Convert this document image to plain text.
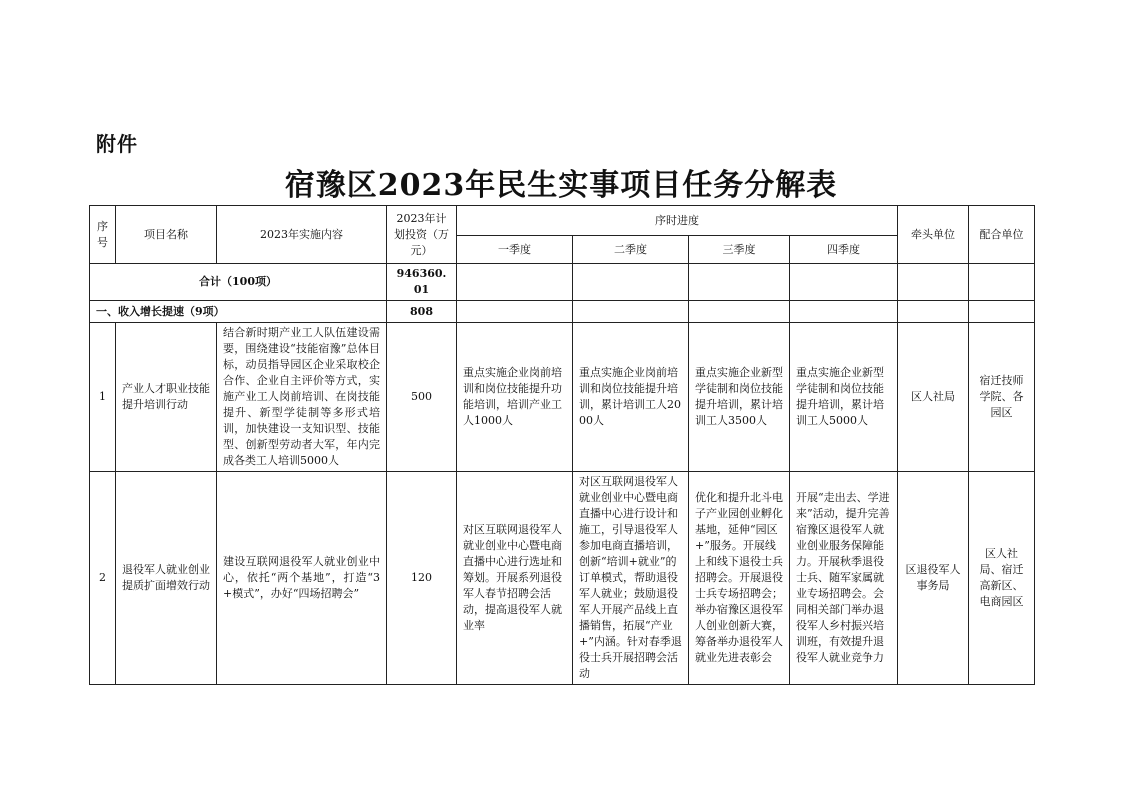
附件
宿豫区2023年民生实事项目任务分解表
序号	项目名称	2023年实施内容	2023年计划投资（万元）	序时进度				牵头单位	配合单位
				一季度	二季度	三季度	四季度		
合计（100项）			946360.01						
一、收入增长提速（9项）			808						
1	产业人才职业技能提升培训行动	结合新时期产业工人队伍建设需要，围绕建设“技能宿豫”总体目标，动员指导园区企业采取校企合作、企业自主评价等方式，实施产业工人岗前培训、在岗技能提升、新型学徒制等多形式培训，加快建设一支知识型、技能型、创新型劳动者大军，年内完成各类工人培训5000人	500	重点实施企业岗前培训和岗位技能提升功能培训，培训产业工人1000人	重点实施企业岗前培训和岗位技能提升培训，累计培训工人2000人	重点实施企业新型学徒制和岗位技能提升培训，累计培训工人3500人	重点实施企业新型学徒制和岗位技能提升培训，累计培训工人5000人	区人社局	宿迁技师学院、各园区
2	退役军人就业创业提质扩面增效行动	建设互联网退役军人就业创业中心，依托“两个基地”，打造“3+模式”，办好“四场招聘会”	120	对区互联网退役军人就业创业中心暨电商直播中心进行选址和筹划。开展系列退役军人春节招聘会活动，提高退役军人就业率	对区互联网退役军人就业创业中心暨电商直播中心进行设计和施工，引导退役军人参加电商直播培训，创新“培训+就业”的订单模式，帮助退役军人就业；鼓励退役军人开展产品线上直播销售，拓展“产业+”内涵。针对春季退役士兵开展招聘会活动	优化和提升北斗电子产业园创业孵化基地，延伸“园区+”服务。开展线上和线下退役士兵招聘会。开展退役士兵专场招聘会；举办宿豫区退役军人创业创新大赛，筹备举办退役军人就业先进表彰会	开展“走出去、学进来”活动，提升完善宿豫区退役军人就业创业服务保障能力。开展秋季退役士兵、随军家属就业专场招聘会。会同相关部门举办退役军人乡村振兴培训班，有效提升退役军人就业竞争力	区退役军人事务局	区人社局、宿迁高新区、电商园区
